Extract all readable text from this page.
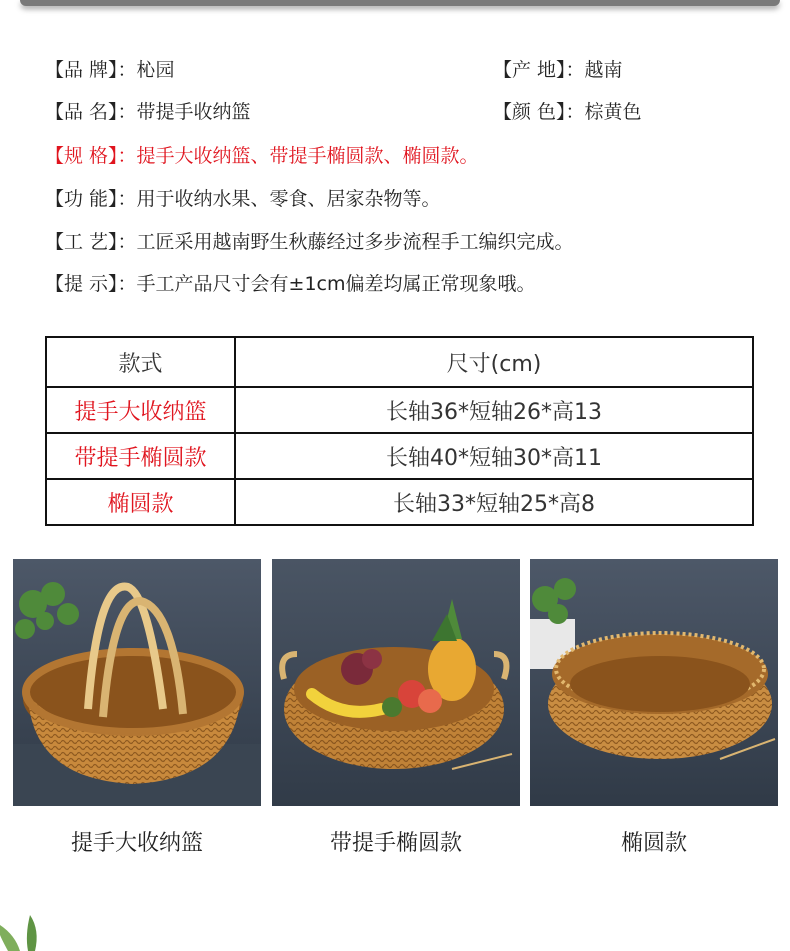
【品 牌】：杺园	【产 地】：越南
【品 名】：带提手收纳篮	【颜 色】：棕黄色
【规 格】：提手大收纳篮、带提手椭圆款、椭圆款。
【功 能】：用于收纳水果、零食、居家杂物等。
【工 艺】：工匠采用越南野生秋藤经过多步流程手工编织完成。
【提 示】：手工产品尺寸会有±1cm偏差均属正常现象哦。
款式	尺寸(cm)
提手大收纳篮	长轴36*短轴26*高13
带提手椭圆款	长轴40*短轴30*高11
椭圆款	长轴33*短轴25*高8
提手大收纳篮	带提手椭圆款	椭圆款
